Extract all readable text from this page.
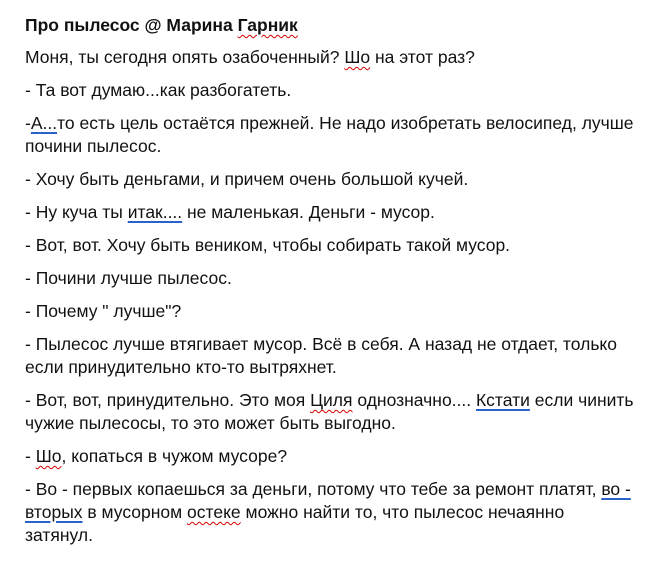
Про пылесос @ Марина Гарник
Моня, ты сегодня опять озабоченный? Шо на этот раз?
- Та вот думаю...как разбогатеть.
-А...то есть цель остаётся прежней. Не надо изобретать велосипед, лучше почини пылесос.
- Хочу быть деньгами, и причем очень большой кучей.
- Ну куча ты итак.... не маленькая. Деньги - мусор.
- Вот, вот. Хочу быть веником, чтобы собирать такой мусор.
- Почини лучше пылесос.
- Почему " лучше"?
- Пылесос лучше втягивает мусор. Всё в себя. А назад не отдает, только если принудительно кто-то вытряхнет.
- Вот, вот, принудительно. Это моя Циля однозначно.... Кстати если чинить чужие пылесосы, то это может быть выгодно.
- Шо, копаться в чужом мусоре?
- Во - первых копаешься за деньги, потому что тебе за ремонт платят, во - вторых в мусорном остеке можно найти то, что пылесос нечаянно затянул.
